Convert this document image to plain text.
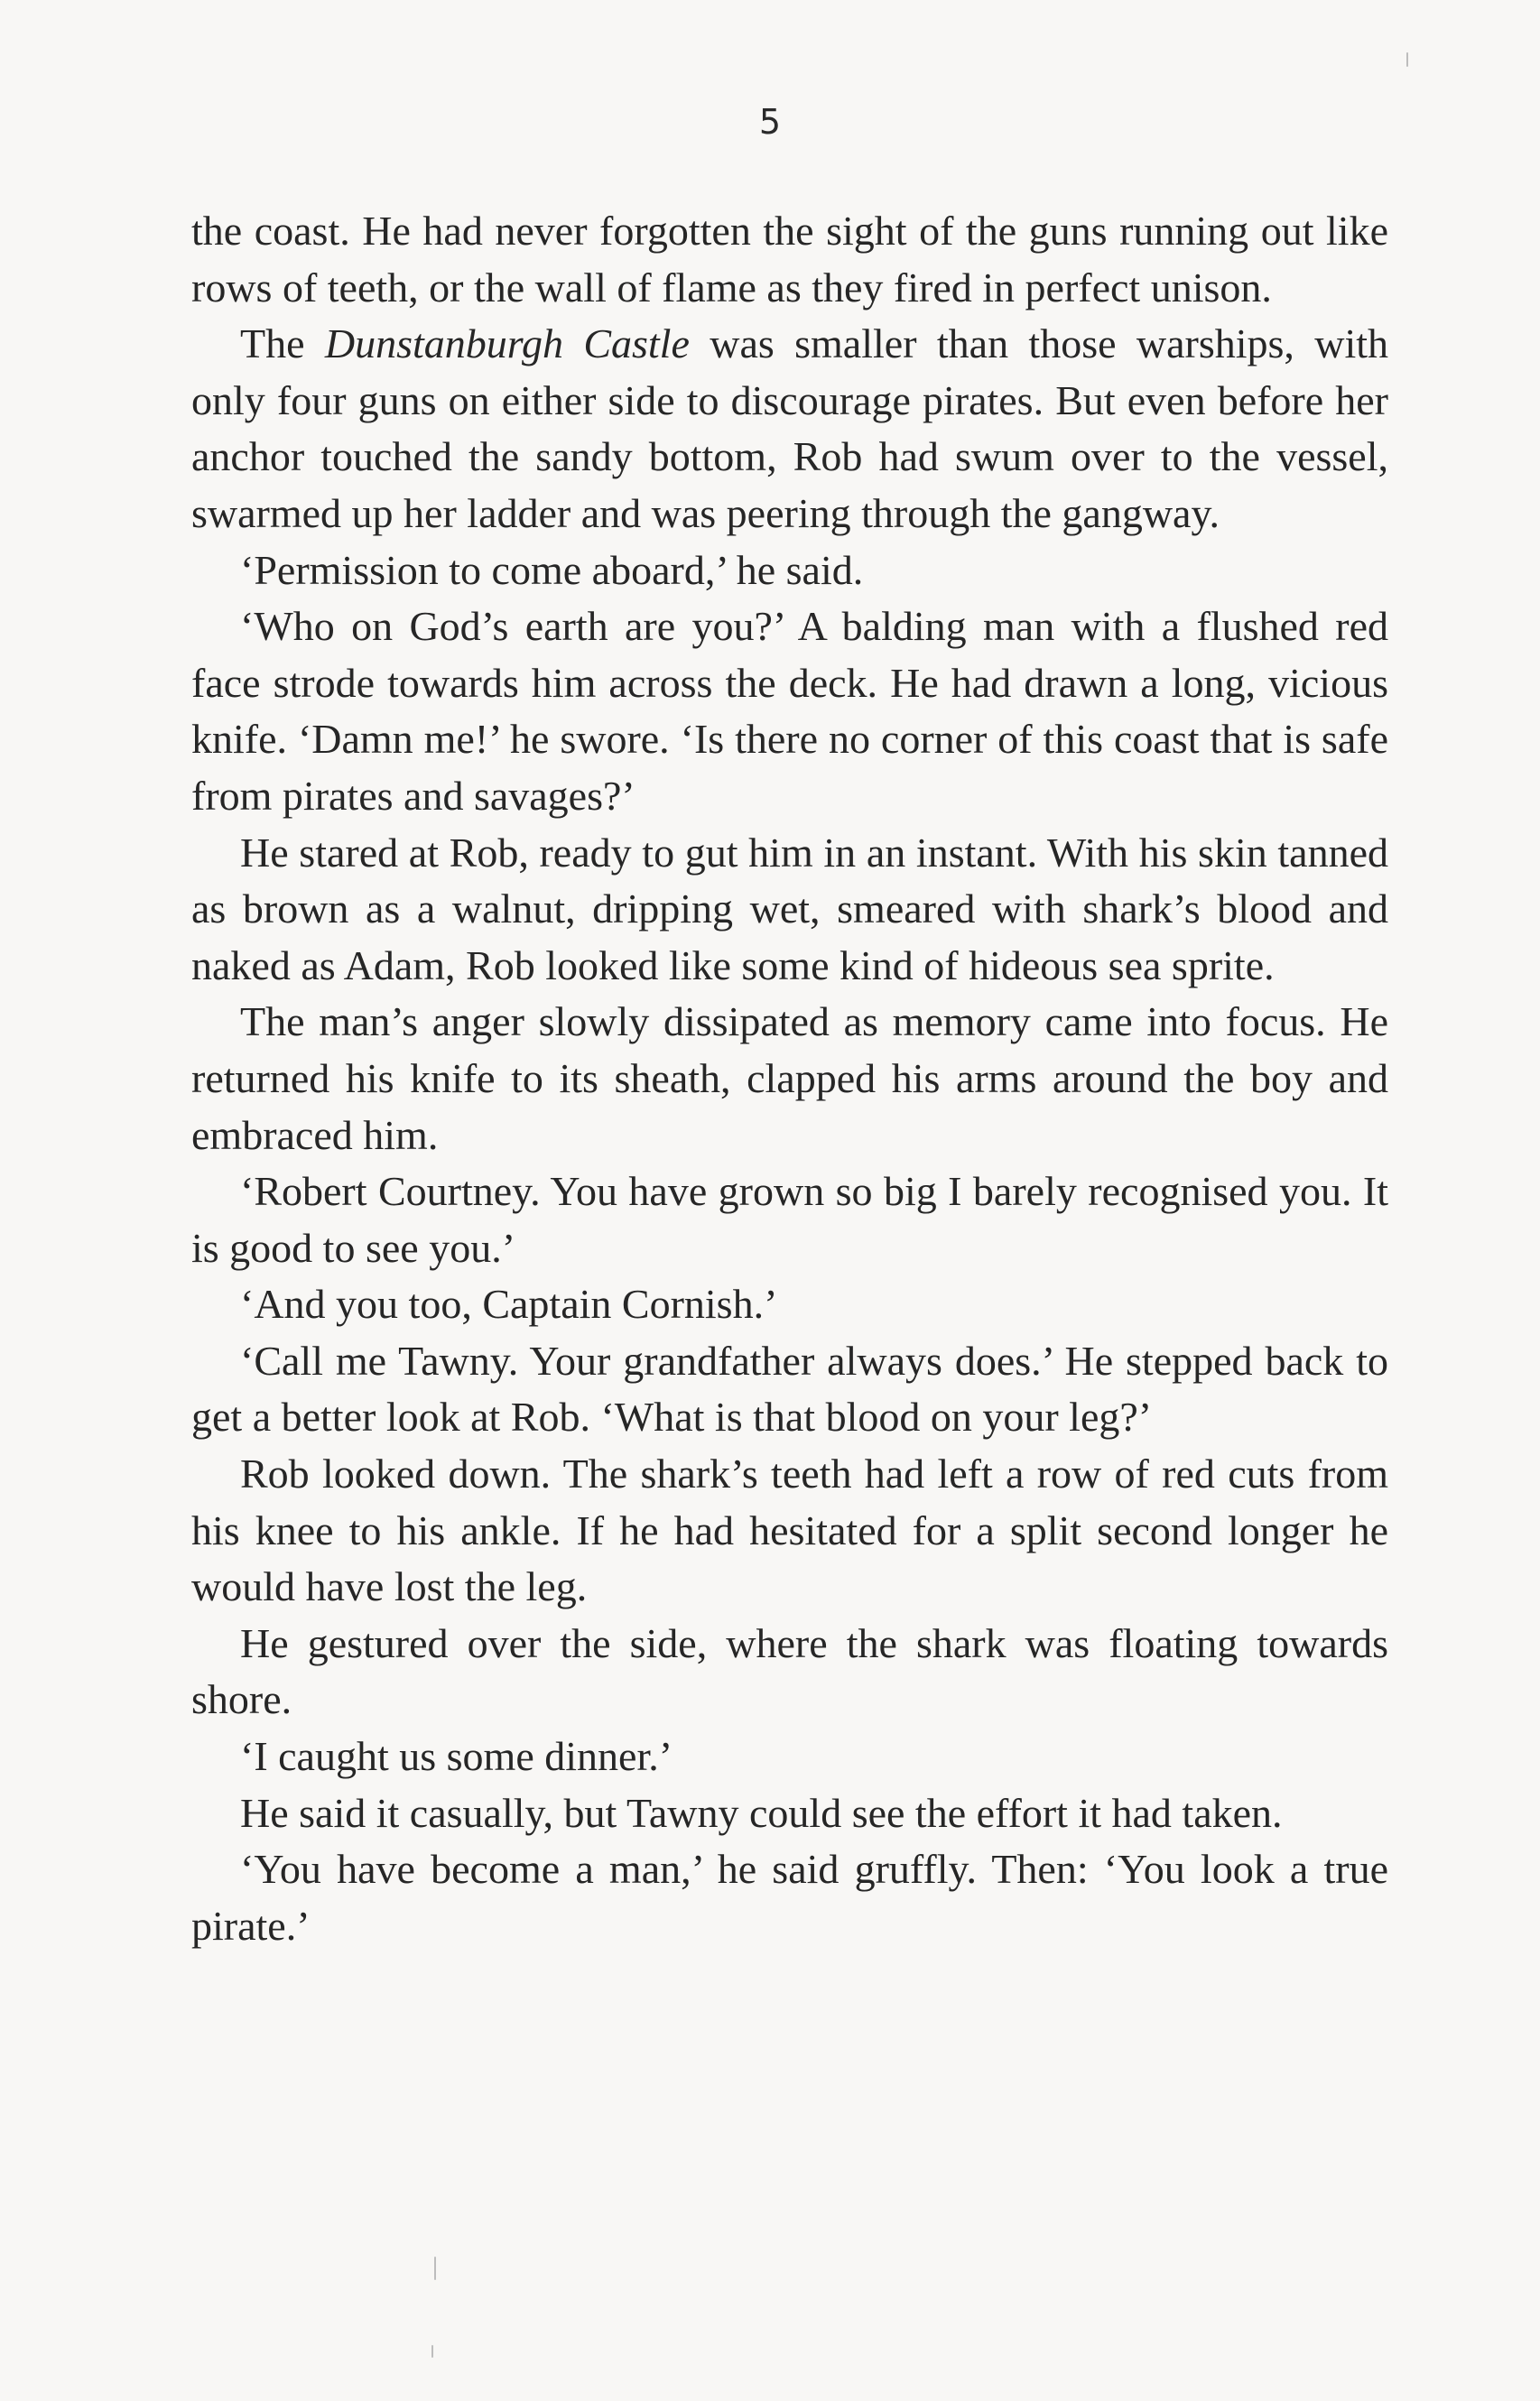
5

the coast. He had never forgotten the sight of the guns running out like rows of teeth, or the wall of flame as they fired in perfect unison.

The Dunstanburgh Castle was smaller than those warships, with only four guns on either side to discourage pirates. But even before her anchor touched the sandy bottom, Rob had swum over to the vessel, swarmed up her ladder and was peering through the gangway.

‘Permission to come aboard,’ he said.

‘Who on God’s earth are you?’ A balding man with a flushed red face strode towards him across the deck. He had drawn a long, vicious knife. ‘Damn me!’ he swore. ‘Is there no corner of this coast that is safe from pirates and savages?’

He stared at Rob, ready to gut him in an instant. With his skin tanned as brown as a walnut, dripping wet, smeared with shark’s blood and naked as Adam, Rob looked like some kind of hideous sea sprite.

The man’s anger slowly dissipated as memory came into focus. He returned his knife to its sheath, clapped his arms around the boy and embraced him.

‘Robert Courtney. You have grown so big I barely recognised you. It is good to see you.’

‘And you too, Captain Cornish.’

‘Call me Tawny. Your grandfather always does.’ He stepped back to get a better look at Rob. ‘What is that blood on your leg?’

Rob looked down. The shark’s teeth had left a row of red cuts from his knee to his ankle. If he had hesitated for a split second longer he would have lost the leg.

He gestured over the side, where the shark was floating towards shore.

‘I caught us some dinner.’

He said it casually, but Tawny could see the effort it had taken.

‘You have become a man,’ he said gruffly. Then: ‘You look a true pirate.’
